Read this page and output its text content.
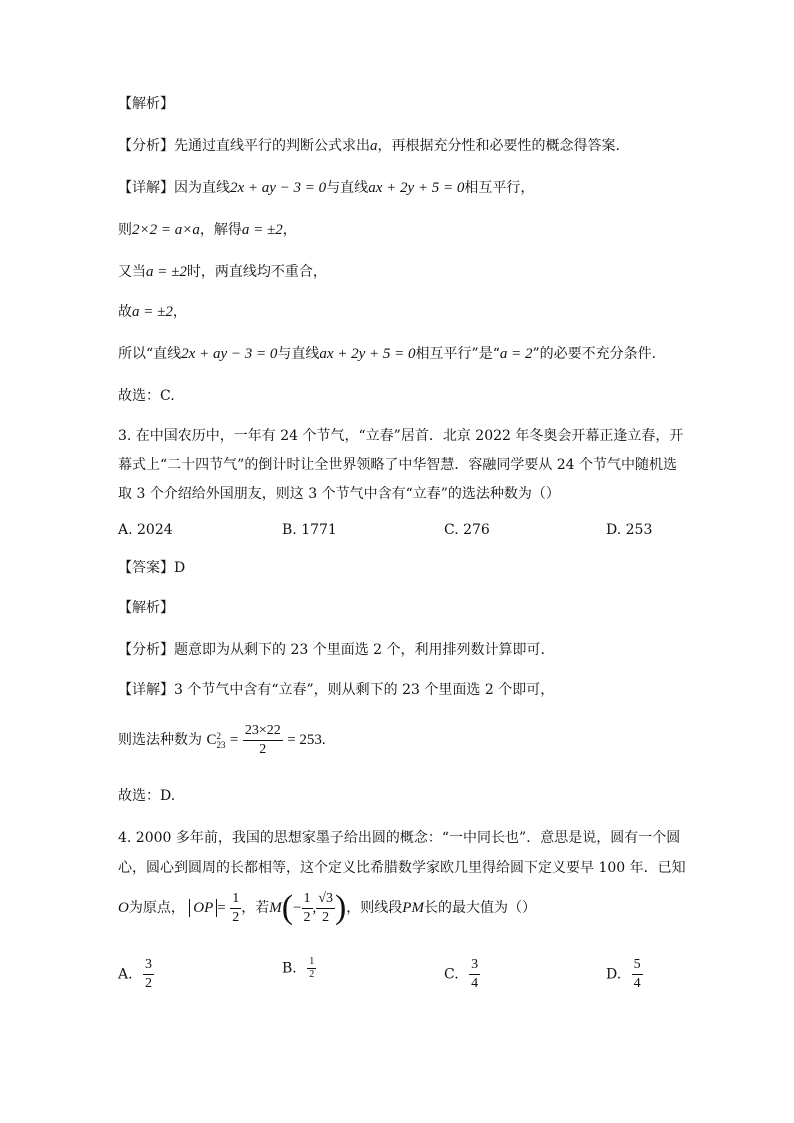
【解析】
【分析】先通过直线平行的判断公式求出a，再根据充分性和必要性的概念得答案.
【详解】因为直线2x + ay − 3 = 0与直线ax + 2y + 5 = 0相互平行，
则2×2 = a×a，解得a = ±2，
又当a = ±2时，两直线均不重合，
故a = ±2，
所以“直线2x + ay − 3 = 0与直线ax + 2y + 5 = 0相互平行”是“a = 2”的必要不充分条件.
故选：C.
3. 在中国农历中，一年有 24 个节气，“立春”居首．北京 2022 年冬奥会开幕正逢立春，开
幕式上“二十四节气”的倒计时让全世界领略了中华智慧．容融同学要从 24 个节气中随机选
取 3 个介绍给外国朋友，则这 3 个节气中含有“立春”的选法种数为（）
A. 2024	B. 1771	C. 276	D. 253
【答案】D
【解析】
【分析】题意即为从剩下的 23 个里面选 2 个，利用排列数计算即可.
【详解】3 个节气中含有“立春”，则从剩下的 23 个里面选 2 个即可，
则选法种数为 C 2
$23 = \frac{23\times 22}{2} = 253$.
故选：D.
4. 2000 多年前，我国的思想家墨子给出圆的概念：“一中同长也”．意思是说，圆有一个圆
心，圆心到圆周的长都相等，这个定义比希腊数学家欧几里得给圆下定义要早 100 年．已知
O为原点， OP = $\frac{1}{2}$ ，若$M(- \frac{1}{2}$ , $\frac{√3}{2}$ )，则线段PM长的最大值为（）
A. $\frac{3}{2}$	B. $\frac{1}{2}$	C. $\frac{3}{4}$	D. $\frac{5}{4}$
